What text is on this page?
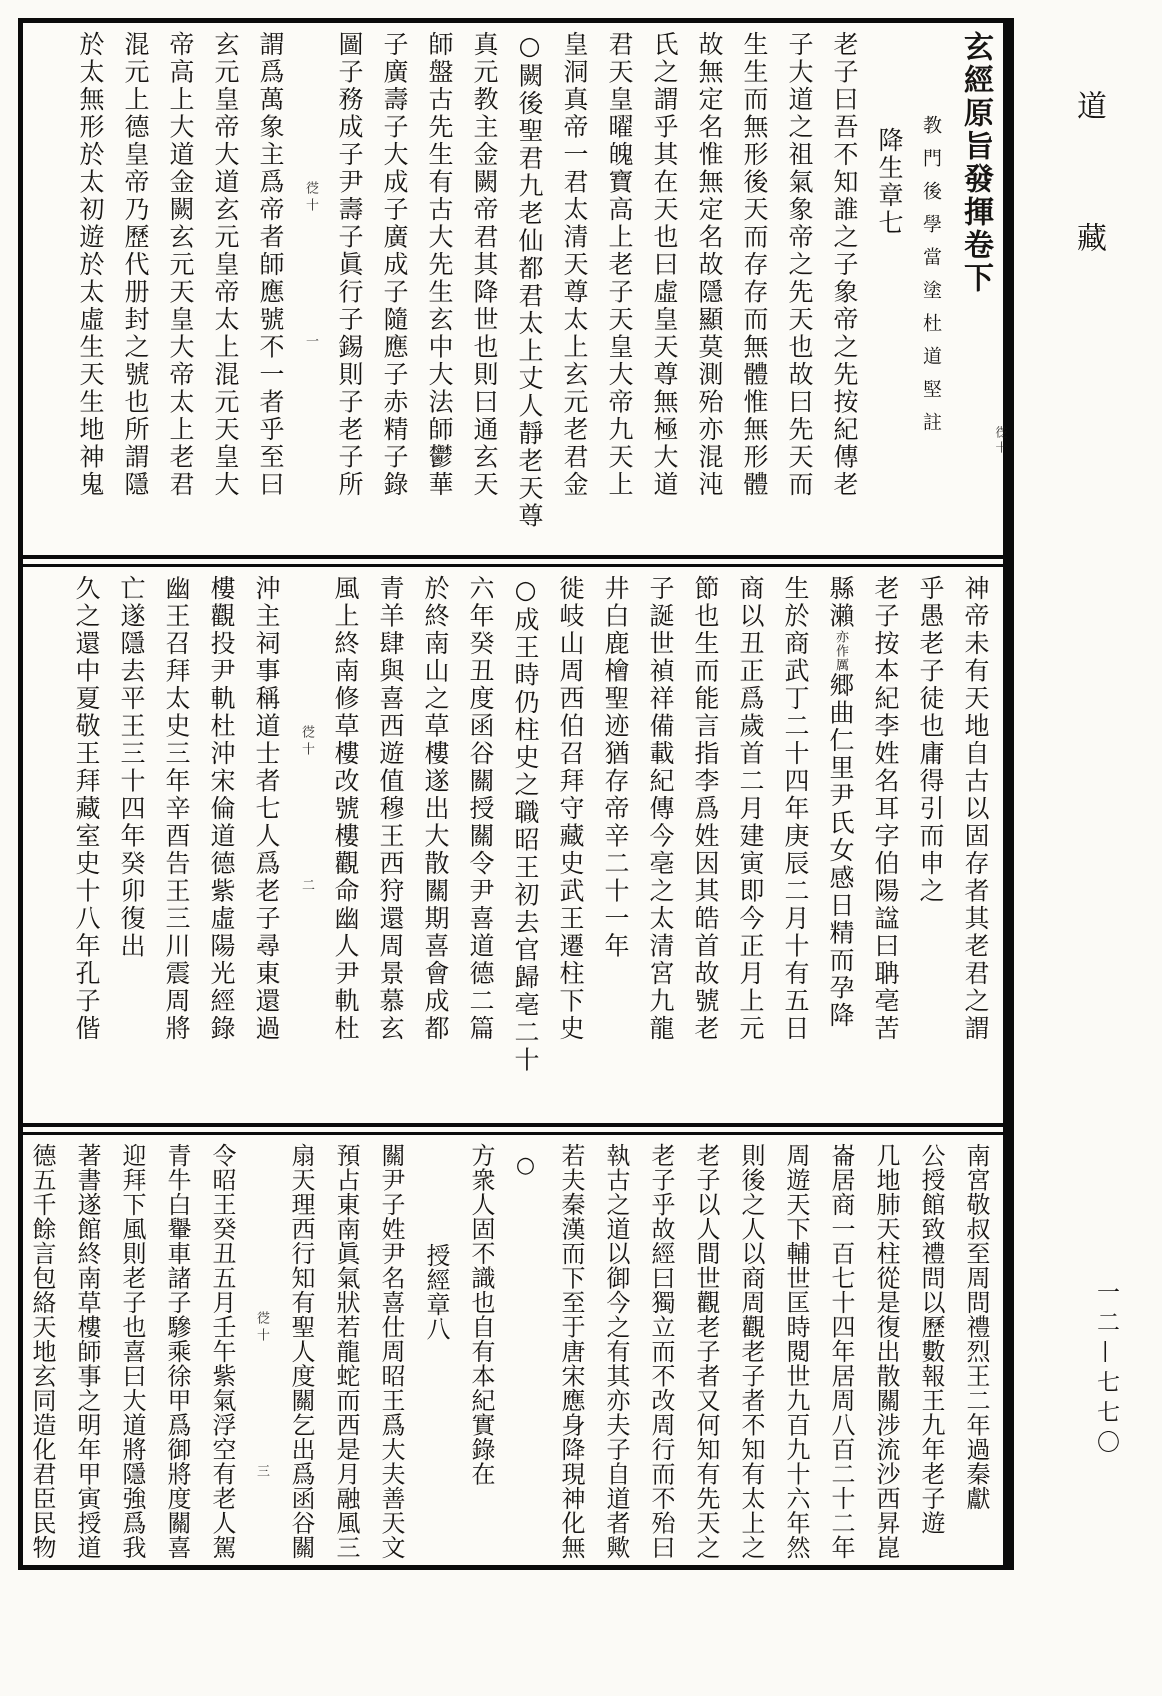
玄經原旨發揮卷下
教門後學當塗杜道堅註
降生章七
老子曰吾不知誰之子象帝之先按紀傳老
子大道之祖氣象帝之先天也故曰先天而
生生而無形後天而存存而無體惟無形體
故無定名惟無定名故隱顯莫測殆亦混沌
氏之謂乎其在天也曰虛皇天尊無極大道
君天皇曜魄寶高上老子天皇大帝九天上
皇洞真帝一君太清天尊太上玄元老君金
○闕後聖君九老仙都君太上丈人靜老天尊
真元教主金闕帝君其降世也則曰通玄天
師盤古先生有古大先生玄中大法師鬱華
子廣壽子大成子廣成子隨應子赤精子錄
圖子務成子尹壽子眞行子錫則子老子所
徔十　　　　　　　一
謂爲萬象主爲帝者師應號不一者乎至曰
玄元皇帝大道玄元皇帝太上混元天皇大
帝高上大道金闕玄元天皇大帝太上老君
混元上德皇帝乃歷代册封之號也所謂隱
於太無形於太初遊於太虛生天生地神鬼
神帝未有天地自古以固存者其老君之謂
乎愚老子徒也庸得引而申之
老子按本紀李姓名耳字伯陽諡曰聃亳苦
縣瀨亦作厲郷曲仁里尹氏女感日精而孕降
生於商武丁二十四年庚辰二月十有五日
商以丑正爲歲首二月建寅即今正月上元
節也生而能言指李爲姓因其皓首故號老
子誕世禎祥備載紀傳今亳之太清宮九龍
井白鹿檜聖迹猶存帝辛二十一年
徙岐山周西伯召拜守藏史武王遷柱下史
○成王時仍柱史之職昭王初去官歸亳二十
六年癸丑度函谷關授關令尹喜道德二篇
於終南山之草樓遂出大散關期喜會成都
青羊肆與喜西遊值穆王西狩還周景慕玄
風上終南修草樓改號樓觀命幽人尹軌杜
徔十　　　　　　　二
沖主祠事稱道士者七人爲老子尋東還過
樓觀投尹軌杜沖宋倫道德紫虛陽光經錄
幽王召拜太史三年辛酉告王三川震周將
亡遂隱去平王三十四年癸卯復出
久之還中夏敬王拜藏室史十八年孔子偕
南宮敬叔至周問禮烈王二年過秦獻
公授館致禮問以歷數報王九年老子遊
几地肺天柱從是復出散關涉流沙西昇崑
崙居商一百七十四年居周八百二十二年
周遊天下輔世匡時閱世九百九十六年然
則後之人以商周觀老子者不知有太上之
老子以人間世觀老子者又何知有先天之
老子乎故經曰獨立而不改周行而不殆曰
執古之道以御今之有其亦夫子自道者歟
若夫秦漢而下至于唐宋應身降現神化無
○
方衆人固不識也自有本紀實錄在
授經章八
關尹子姓尹名喜仕周昭王爲大夫善天文
預占東南眞氣狀若龍蛇而西是月融風三
扇天理西行知有聖人度關乞出爲函谷關
徔十　　　　　　　三
令昭王癸丑五月壬午紫氣浮空有老人駕
青牛白轝車諸子驂乘徐甲爲御將度關喜
迎拜下風則老子也喜曰大道將隱強爲我
著書遂館終南草樓師事之明年甲寅授道
德五千餘言包絡天地玄同造化君臣民物
徔十
道　　藏
一二—七七〇
